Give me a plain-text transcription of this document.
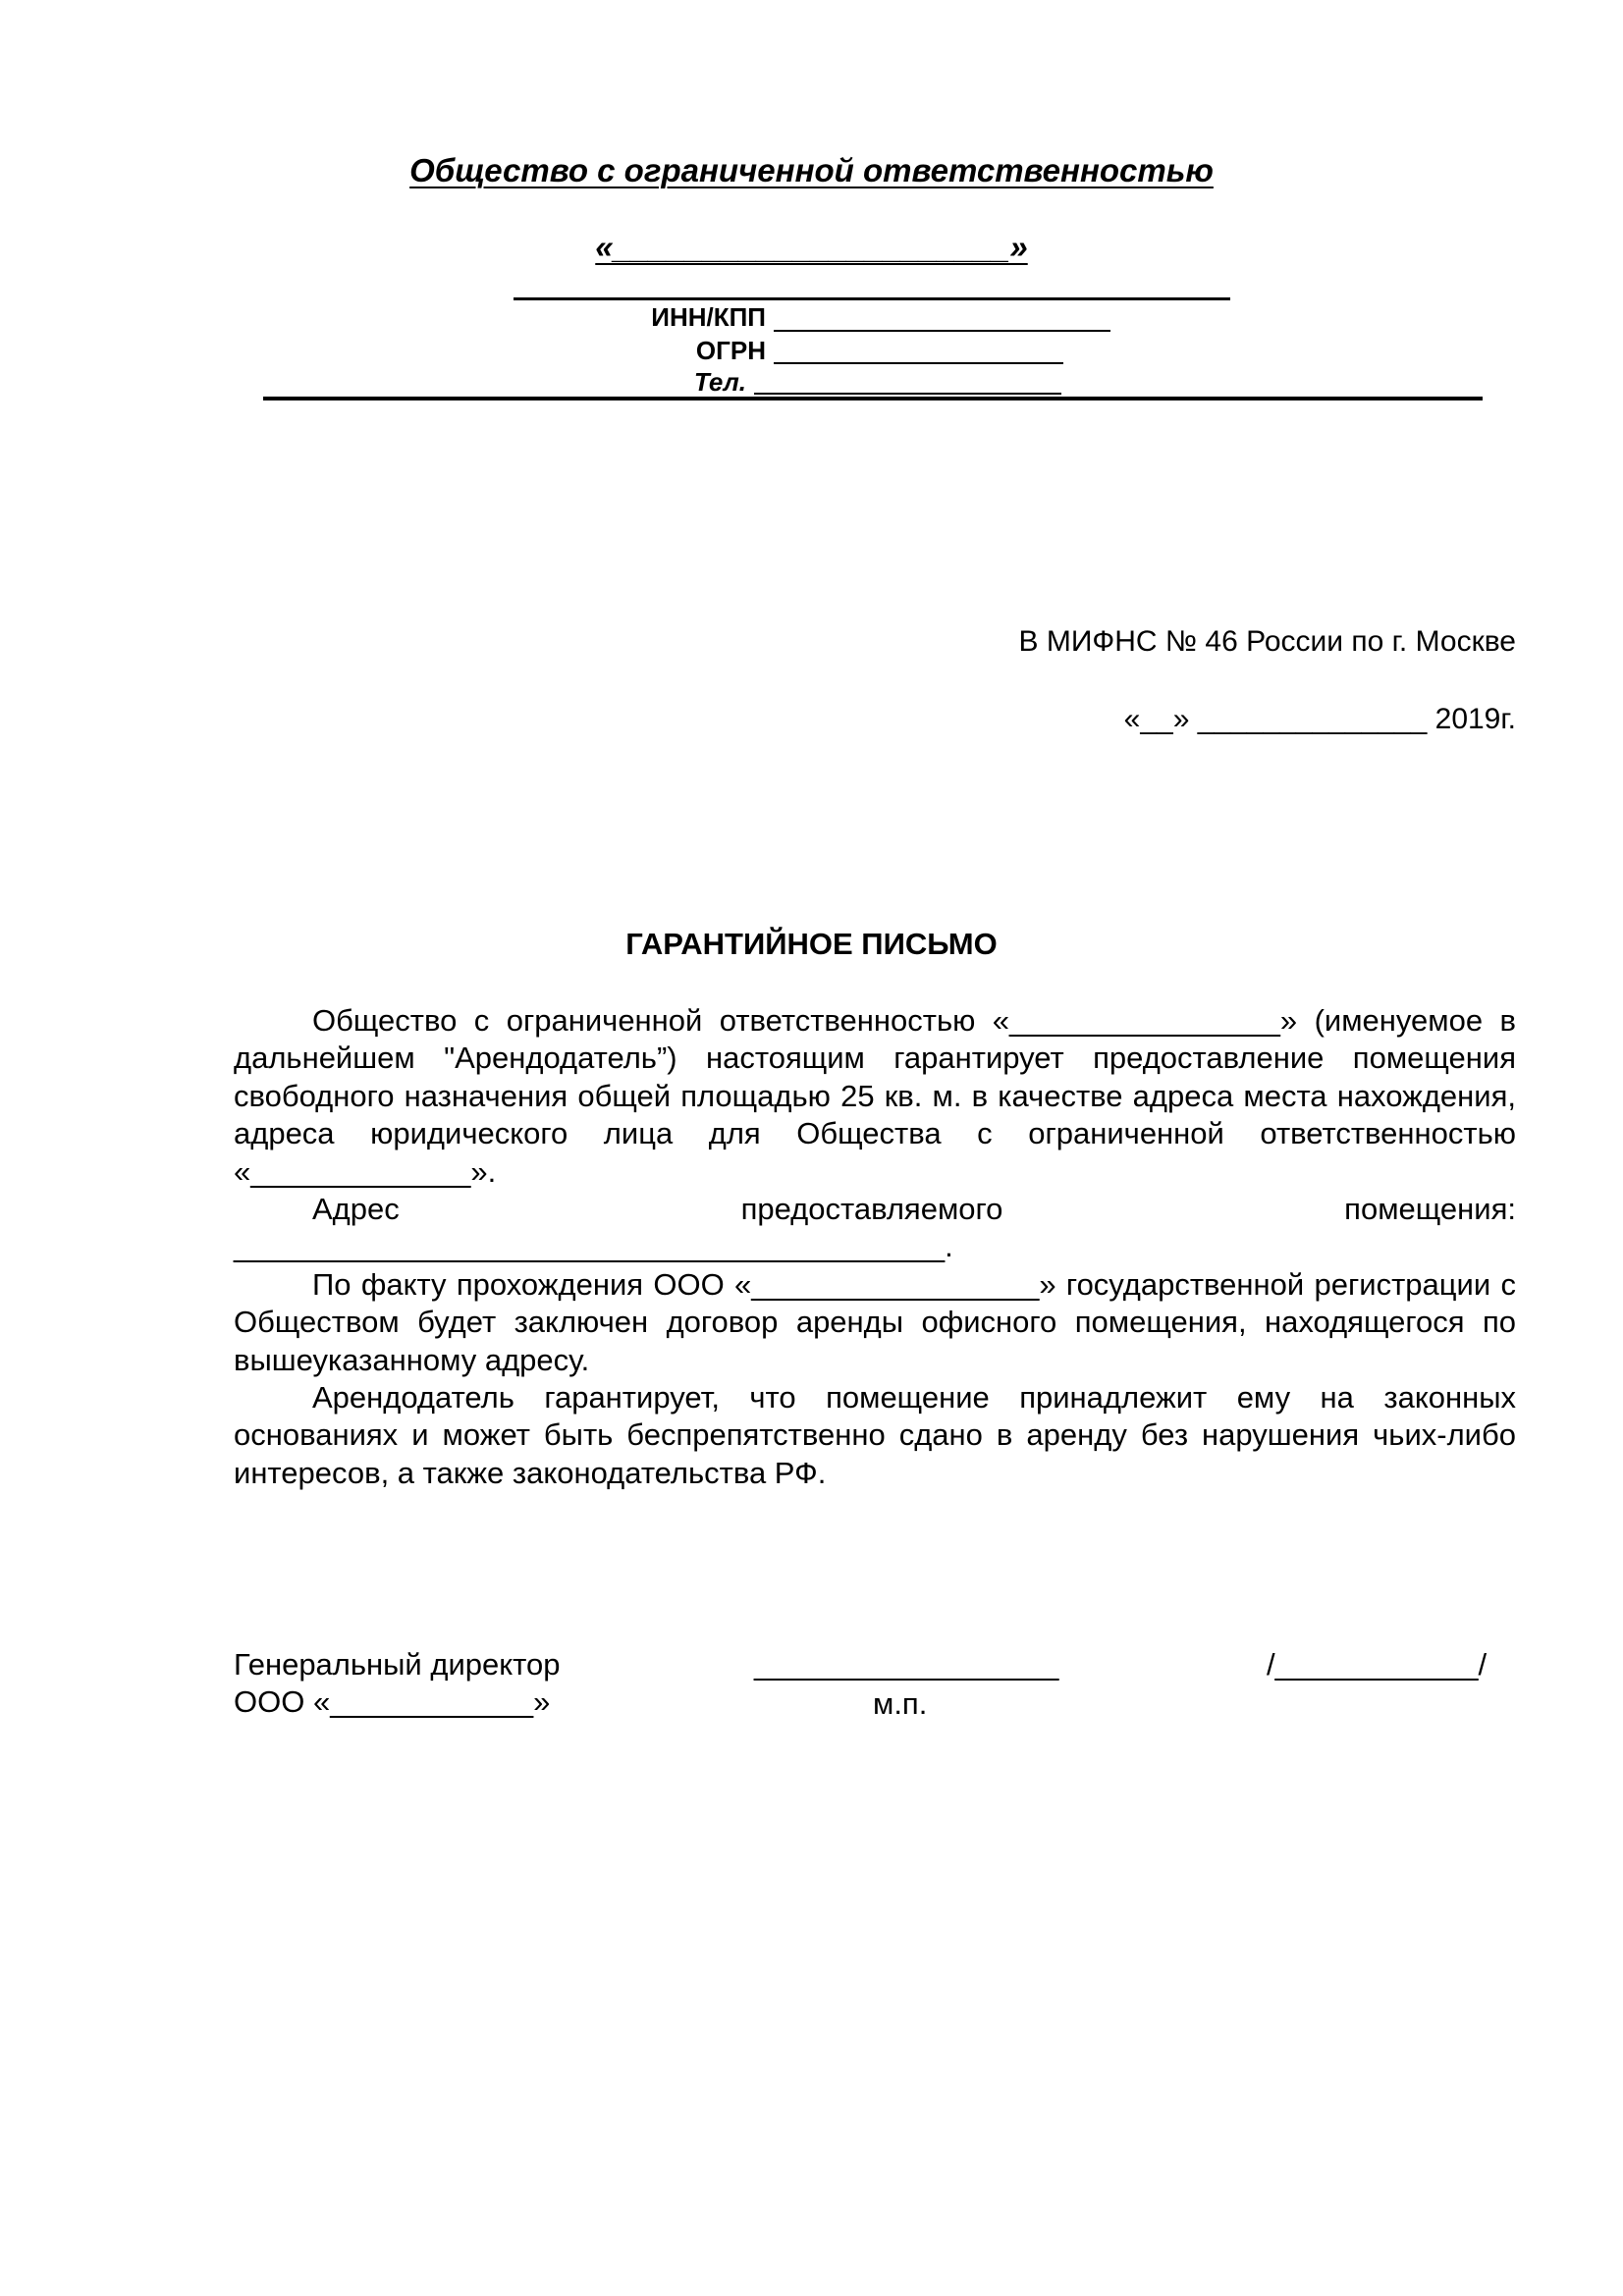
Общество с ограниченной ответственностью
«______________________»
ИНН/КПП
ОГРН
Тел.
В МИФНС № 46 России по г. Москве
«__» ______________ 2019г.
ГАРАНТИЙНОЕ ПИСЬМО

Общество с ограниченной ответственностью «________________» (именуемое в дальнейшем "Арендодатель”) настоящим гарантирует предоставление помещения свободного назначения общей площадью 25 кв. м. в качестве адреса места нахождения, адреса юридического лица для Общества с ограниченной ответственностью «_____________».

Адрес предоставляемого помещения:

__________________________________________.

По факту прохождения ООО «_________________» государственной регистрации с Обществом будет заключен договор аренды офисного помещения, находящегося по вышеуказанному адресу.

Арендодатель гарантирует, что помещение принадлежит ему на законных основаниях и может быть беспрепятственно сдано в аренду без нарушения чьих-либо интересов, а также законодательства РФ.

Генеральный директор
ООО «____________»
__________________
м.п.
/____________/
